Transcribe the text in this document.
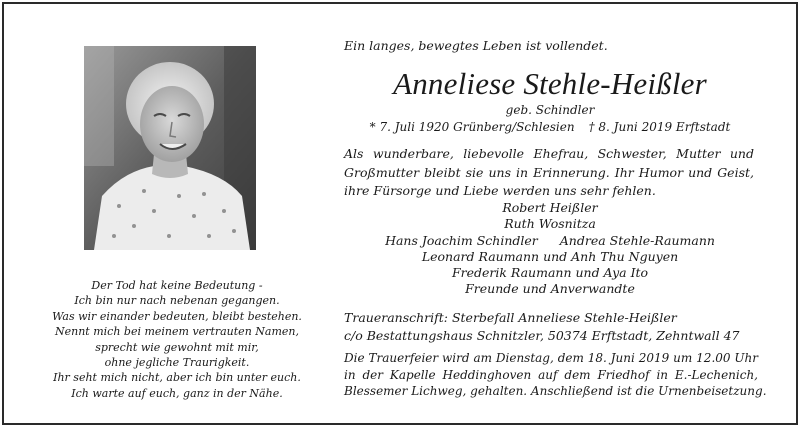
Der Tod hat keine Bedeutung -
Ich bin nur nach nebenan gegangen.
Was wir einander bedeuten, bleibt bestehen.
Nennt mich bei meinem vertrauten Namen,
sprecht wie gewohnt mit mir,
ohne jegliche Traurigkeit.
Ihr seht mich nicht, aber ich bin unter euch.
Ich warte auf euch, ganz in der Nähe.
Ein langes, bewegtes Leben ist vollendet.
Anneliese Stehle-Heißler
geb. Schindler
* 7. Juli 1920 Grünberg/Schlesien † 8. Juni 2019 Erftstadt
Als wunderbare, liebevolle Ehefrau, Schwester, Mutter und
Großmutter bleibt sie uns in Erinnerung. Ihr Humor und Geist,
ihre Fürsorge und Liebe werden uns sehr fehlen.
Robert Heißler
Ruth Wosnitza
Hans Joachim Schindler Andrea Stehle-Raumann
Leonard Raumann und Anh Thu Nguyen
Frederik Raumann und Aya Ito
Freunde und Anverwandte
Traueranschrift: Sterbefall Anneliese Stehle-Heißler
c/o Bestattungshaus Schnitzler, 50374 Erftstadt, Zehntwall 47
Die Trauerfeier wird am Dienstag, dem 18. Juni 2019 um 12.00 Uhr
in der Kapelle Heddinghoven auf dem Friedhof in E.-Lechenich,
Blessemer Lichweg, gehalten. Anschließend ist die Urnenbeisetzung.
